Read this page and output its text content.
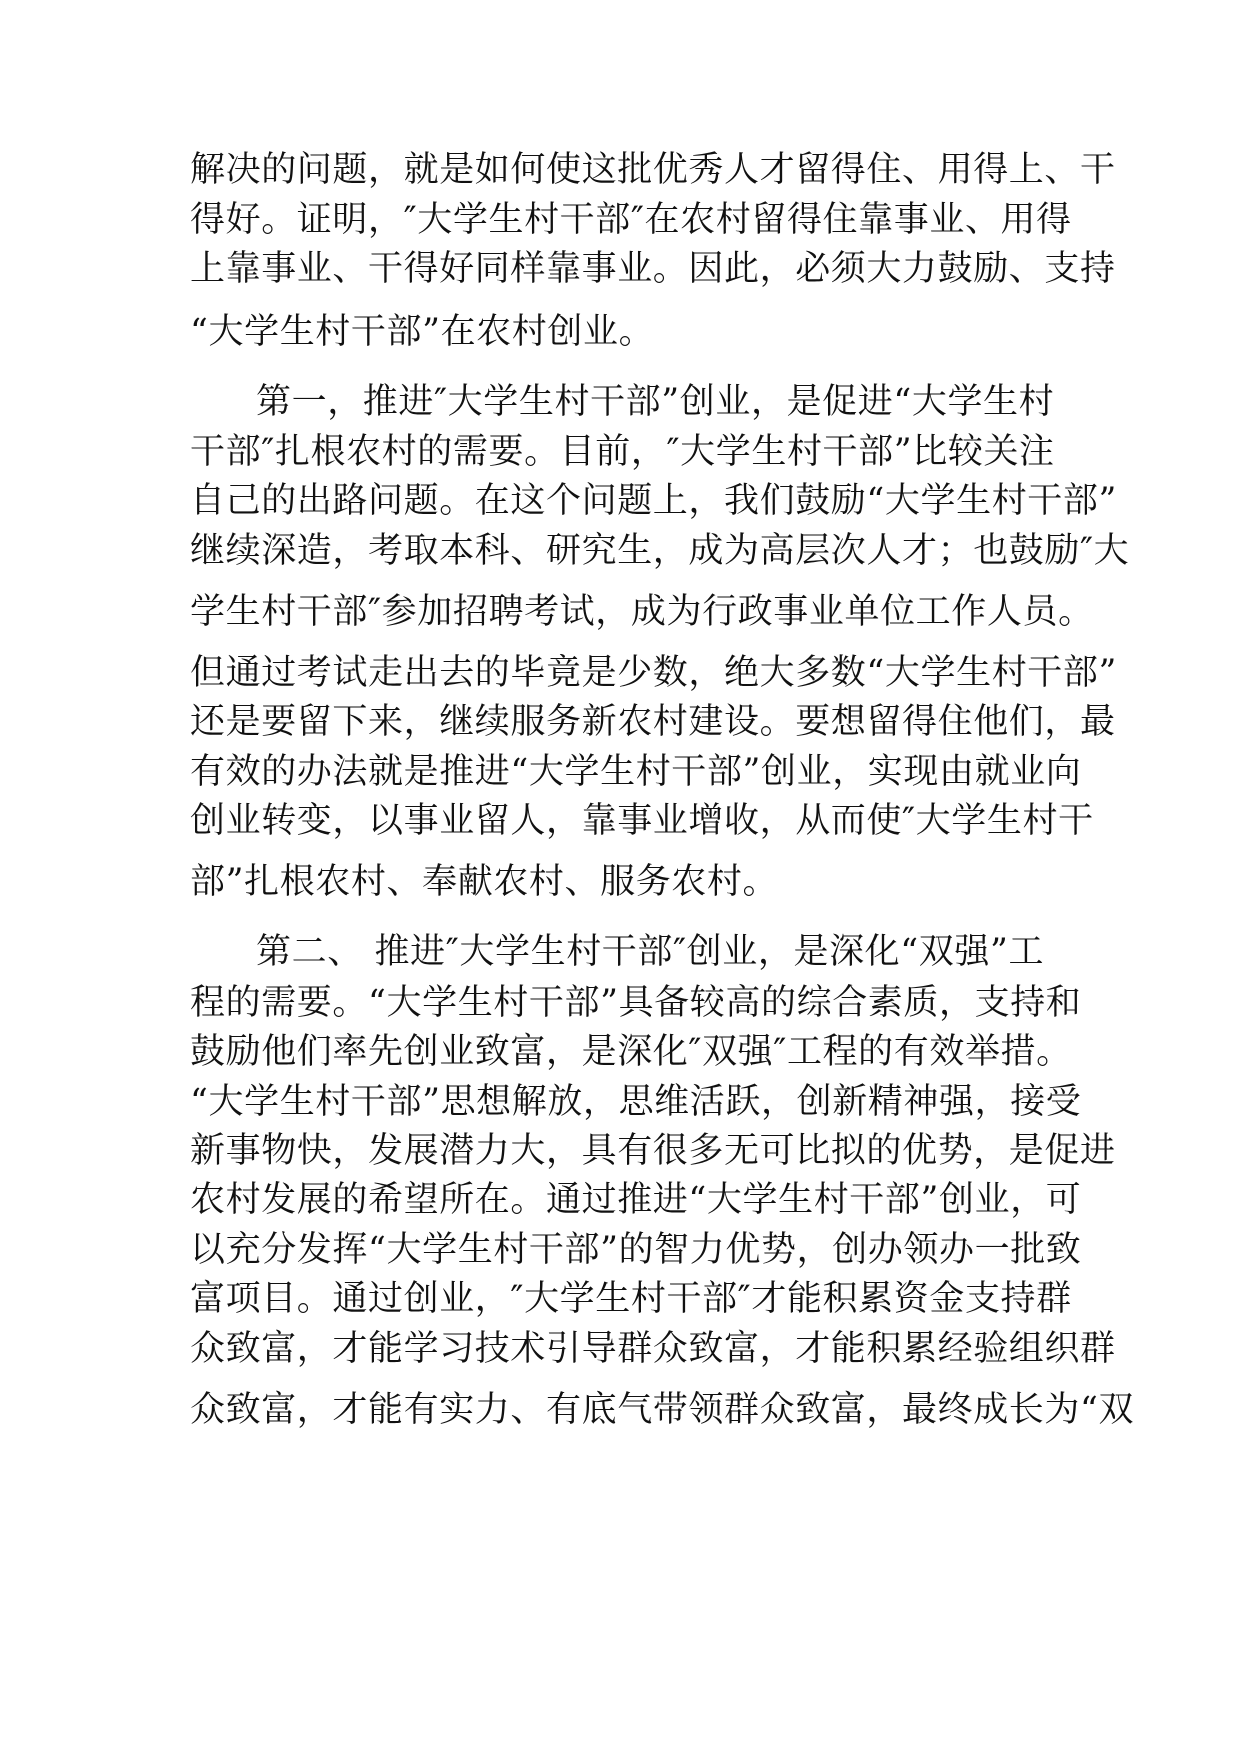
解决的问题，就是如何使这批优秀人才留得住、用得上、干
得好。证明，″大学生村干部″在农村留得住靠事业、用得
上靠事业、干得好同样靠事业。因此，必须大力鼓励、支持
“大学生村干部”在农村创业。
第一，推进″大学生村干部”创业，是促进“大学生村
干部″扎根农村的需要。目前，″大学生村干部”比较关注
自己的出路问题。在这个问题上，我们鼓励“大学生村干部”
继续深造，考取本科、研究生，成为高层次人才；也鼓励″大
学生村干部″参加招聘考试，成为行政事业单位工作人员。
但通过考试走出去的毕竟是少数，绝大多数“大学生村干部”
还是要留下来，继续服务新农村建设。要想留得住他们，最
有效的办法就是推进“大学生村干部”创业，实现由就业向
创业转变，以事业留人，靠事业增收，从而使″大学生村干
部”扎根农村、奉献农村、服务农村。
第二、 推进″大学生村干部″创业，是深化“双强”工
程的需要。“大学生村干部”具备较高的综合素质，支持和
鼓励他们率先创业致富，是深化″双强″工程的有效举措。
“大学生村干部”思想解放，思维活跃，创新精神强，接受
新事物快，发展潜力大，具有很多无可比拟的优势，是促进
农村发展的希望所在。通过推进“大学生村干部”创业，可
以充分发挥“大学生村干部”的智力优势，创办领办一批致
富项目。通过创业，″大学生村干部″才能积累资金支持群
众致富，才能学习技术引导群众致富，才能积累经验组织群
众致富，才能有实力、有底气带领群众致富，最终成长为“双
